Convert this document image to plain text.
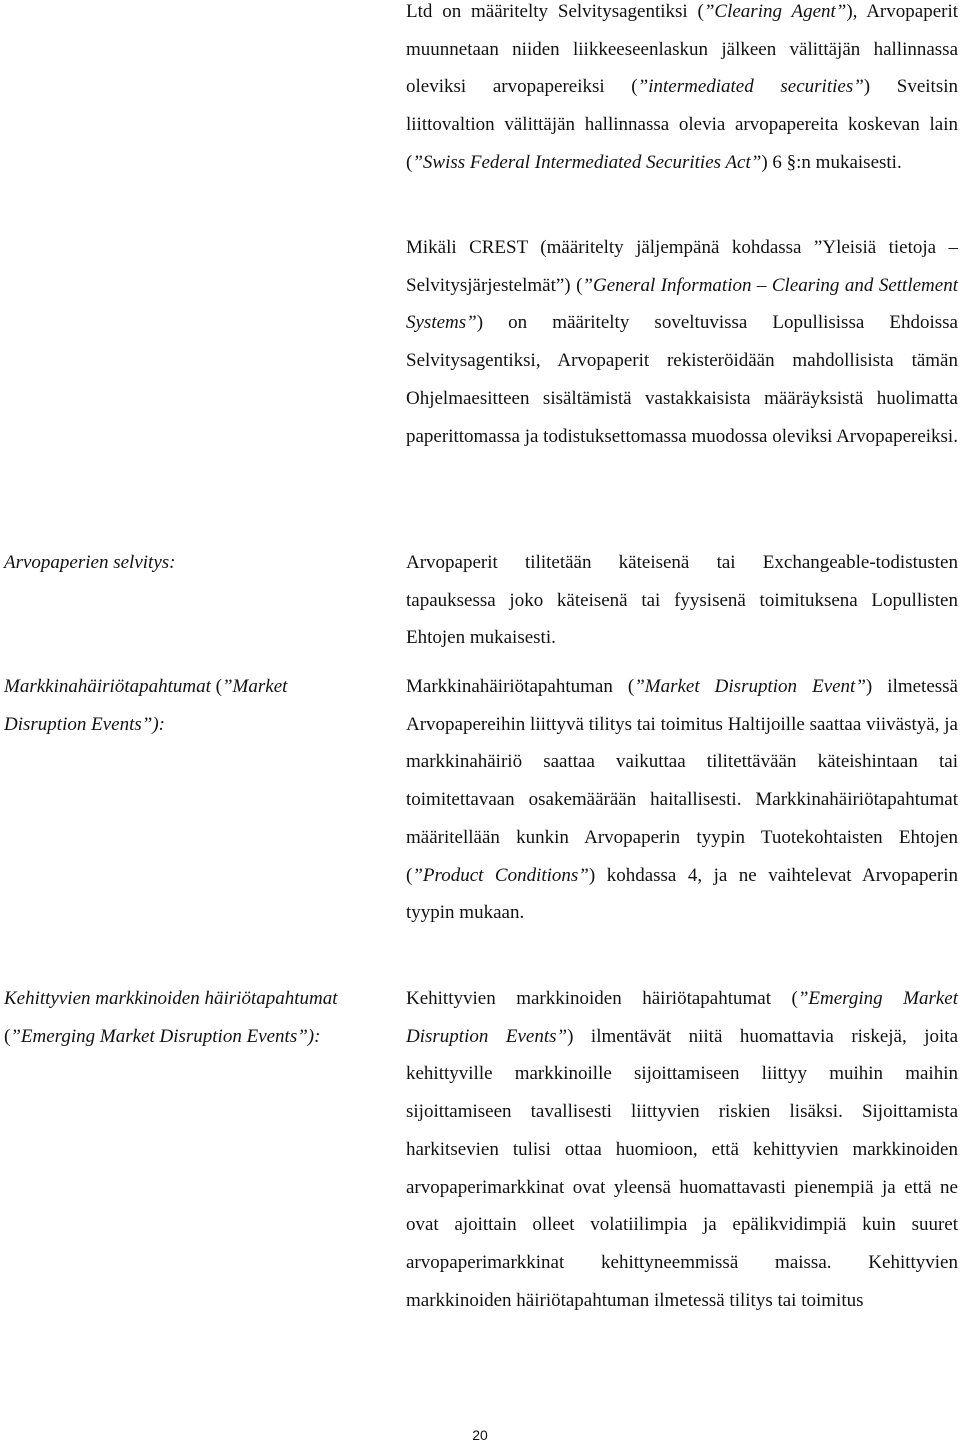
Ltd on määritelty Selvitysagentiksi (”Clearing Agent”), Arvopaperit muunnetaan niiden liikkeeseenlaskun jälkeen välittäjän hallinnassa oleviksi arvopapereiksi (”intermediated securities”) Sveitsin liittovaltion välittäjän hallinnassa olevia arvopapereita koskevan lain (”Swiss Federal Intermediated Securities Act”) 6 §:n mukaisesti.

Mikäli CREST (määritelty jäljempänä kohdassa ”Yleisiä tietoja – Selvitysjärjestelmät”) (”General Information – Clearing and Settlement Systems”) on määritelty soveltuvissa Lopullisissa Ehdoissa Selvitysagentiksi, Arvopaperit rekisteröidään mahdollisista tämän Ohjelmaesitteen sisältämistä vastakkaisista määräyksistä huolimatta paperittomassa ja todistuksettomassa muodossa oleviksi Arvopapereiksi.

Arvopaperien selvitys:	Arvopaperit tilitetään käteisenä tai Exchangeable-todistusten tapauksessa joko käteisenä tai fyysisenä toimituksena Lopullisten Ehtojen mukaisesti.

Markkinahäiriötapahtumat (”Market Disruption Events”):

Markkinahäiriötapahtuman (”Market Disruption Event”) ilmetessä Arvopapereihin liittyvä tilitys tai toimitus Haltijoille saattaa viivästyä, ja markkinahäiriö saattaa vaikuttaa tilitettävään käteishintaan tai toimitettavaan osakemäärään haitallisesti. Markkinahäiriötapahtumat määritellään kunkin Arvopaperin tyypin Tuotekohtaisten Ehtojen (”Product Conditions”) kohdassa 4, ja ne vaihtelevat Arvopaperin tyypin mukaan.

Kehittyvien markkinoiden häiriötapahtumat (”Emerging Market Disruption Events”):

Kehittyvien markkinoiden häiriötapahtumat (”Emerging Market Disruption Events”) ilmentävät niitä huomattavia riskejä, joita kehittyville markkinoille sijoittamiseen liittyy muihin maihin sijoittamiseen tavallisesti liittyvien riskien lisäksi. Sijoittamista harkitsevien tulisi ottaa huomioon, että kehittyvien markkinoiden arvopaperimarkkinat ovat yleensä huomattavasti pienempiä ja että ne ovat ajoittain olleet volatiilimpia ja epälikvidimpiä kuin suuret arvopaperimarkkinat kehittyneemmissä maissa. Kehittyvien markkinoiden häiriötapahtuman ilmetessä tilitys tai toimitus

20
